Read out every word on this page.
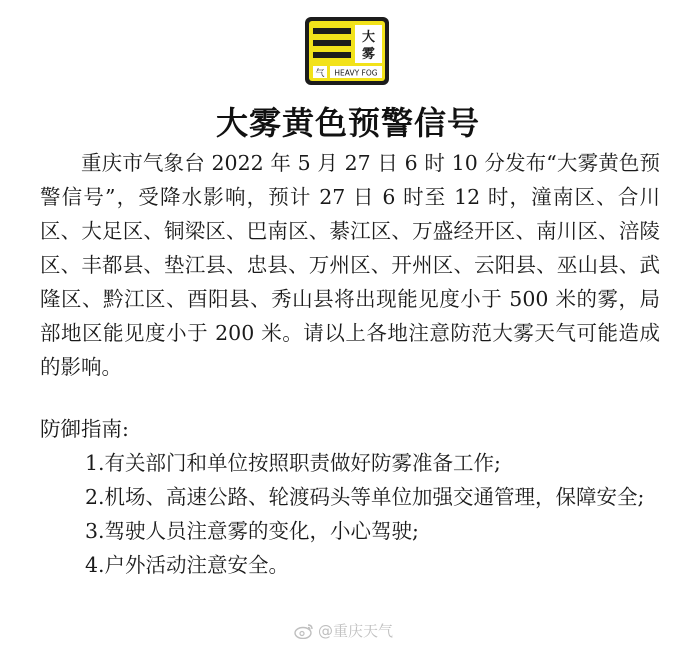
大
雾
气 HEAVY FOG
大雾黄色预警信号

重庆市气象台 2022 年 5 月 27 日 6 时 10 分发布“大雾黄色预警信号”，受降水影响，预计 27 日 6 时至 12 时，潼南区、合川区、大足区、铜梁区、巴南区、綦江区、万盛经开区、南川区、涪陵区、丰都县、垫江县、忠县、万州区、开州区、云阳县、巫山县、武隆区、黔江区、酉阳县、秀山县将出现能见度小于 500 米的雾，局部地区能见度小于 200 米。请以上各地注意防范大雾天气可能造成的影响。

防御指南:

1.有关部门和单位按照职责做好防雾准备工作;
2.机场、高速公路、轮渡码头等单位加强交通管理，保障安全;
3.驾驶人员注意雾的变化，小心驾驶;
4.户外活动注意安全。
@重庆天气
